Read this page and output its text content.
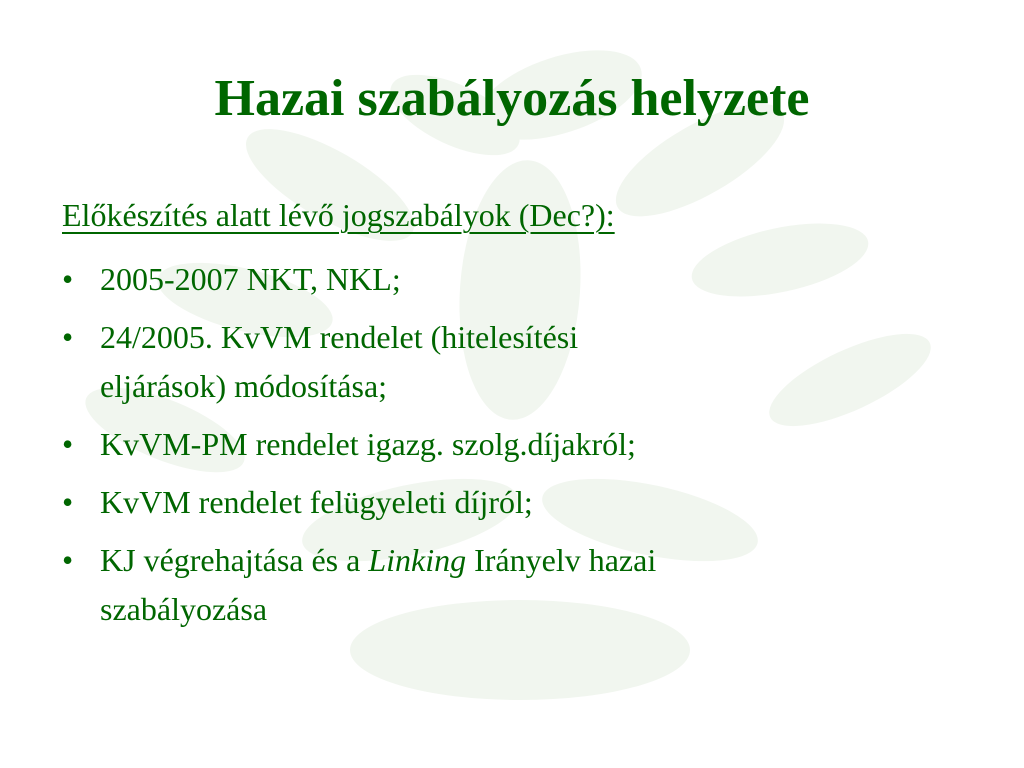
Hazai szabályozás helyzete

Előkészítés alatt lévő jogszabályok (Dec?):

• 2005-2007 NKT, NKL;
• 24/2005. KvVM rendelet (hitelesítési
eljárások) módosítása;
• KvVM-PM rendelet igazg. szolg.díjakról;
• KvVM rendelet felügyeleti díjról;
• KJ végrehajtása és a Linking Irányelv hazai
szabályozása
